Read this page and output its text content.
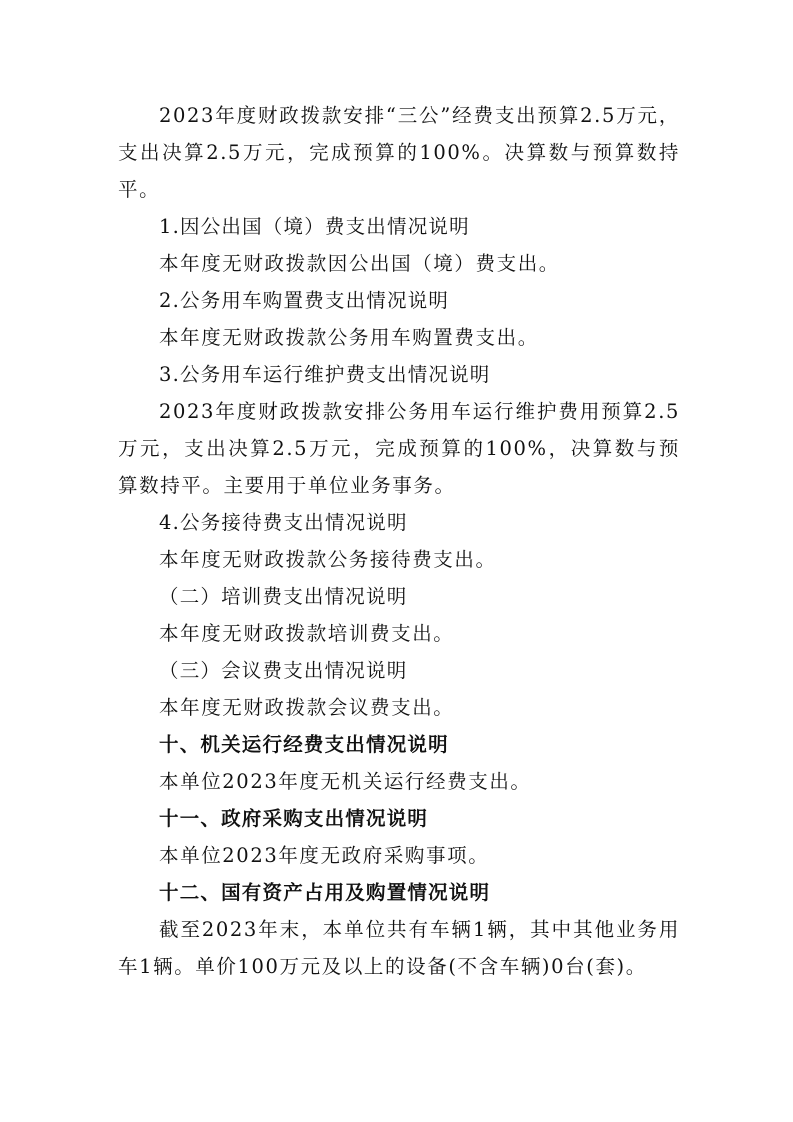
2023年度财政拨款安排“三公”经费支出预算2.5万元，支出决算2.5万元，完成预算的100%。决算数与预算数持平。

1.因公出国（境）费支出情况说明

本年度无财政拨款因公出国（境）费支出。

2.公务用车购置费支出情况说明

本年度无财政拨款公务用车购置费支出。

3.公务用车运行维护费支出情况说明

2023年度财政拨款安排公务用车运行维护费用预算2.5万元，支出决算2.5万元，完成预算的100%，决算数与预算数持平。主要用于单位业务事务。

4.公务接待费支出情况说明

本年度无财政拨款公务接待费支出。

（二）培训费支出情况说明

本年度无财政拨款培训费支出。

（三）会议费支出情况说明

本年度无财政拨款会议费支出。

十、机关运行经费支出情况说明

本单位2023年度无机关运行经费支出。

十一、政府采购支出情况说明

本单位2023年度无政府采购事项。

十二、国有资产占用及购置情况说明

截至2023年末，本单位共有车辆1辆，其中其他业务用车1辆。单价100万元及以上的设备(不含车辆)0台(套)。
